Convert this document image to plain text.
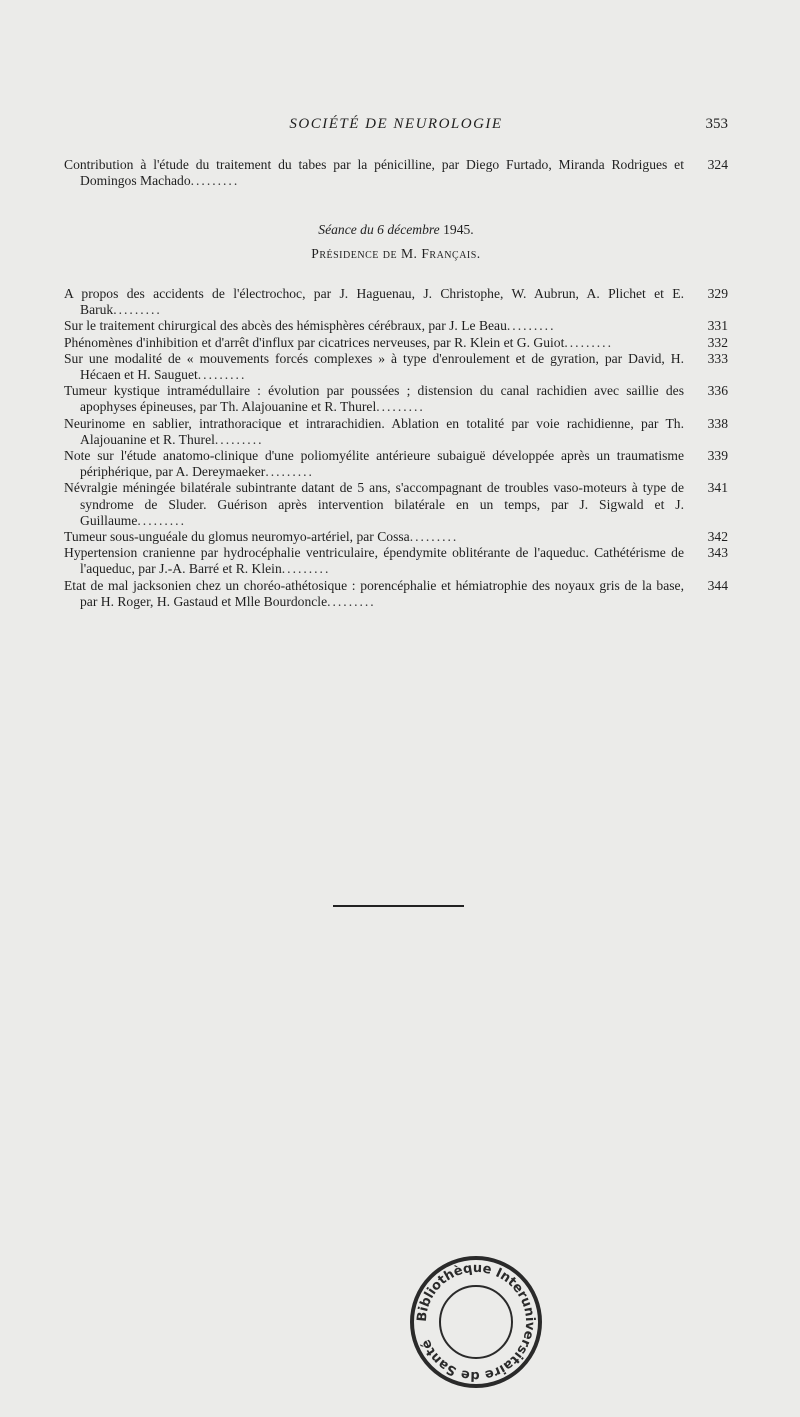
SOCIÉTÉ DE NEUROLOGIE	353
Contribution à l'étude du traitement du tabes par la pénicilline, par Diego Furtado, Miranda Rodrigues et Domingos Machado.........
324
Séance du 6 décembre 1945.
Présidence de M. Français.
A propos des accidents de l'électrochoc, par J. Haguenau, J. Christophe, W. Aubrun, A. Plichet et E. Baruk.........
329
Sur le traitement chirurgical des abcès des hémisphères cérébraux, par J. Le Beau.........	331
Phénomènes d'inhibition et d'arrêt d'influx par cicatrices nerveuses, par R. Klein et G. Guiot.........	332
Sur une modalité de « mouvements forcés complexes » à type d'enroulement et de gyration, par David, H. Hécaen et H. Sauguet.........
333
Tumeur kystique intramédullaire : évolution par poussées ; distension du canal rachidien avec saillie des apophyses épineuses, par Th. Alajouanine et R. Thurel.........
336
Neurinome en sablier, intrathoracique et intrarachidien. Ablation en totalité par voie rachidienne, par Th. Alajouanine et R. Thurel.........
338
Note sur l'étude anatomo-clinique d'une poliomyélite antérieure subaiguë développée après un traumatisme périphérique, par A. Dereymaeker.........
339
Névralgie méningée bilatérale subintrante datant de 5 ans, s'accompagnant de troubles vaso-moteurs à type de syndrome de Sluder. Guérison après intervention bilatérale en un temps, par J. Sigwald et J. Guillaume.........
341
Tumeur sous-unguéale du glomus neuromyo-artériel, par Cossa.........	342
Hypertension cranienne par hydrocéphalie ventriculaire, épendymite oblitérante de l'aqueduc. Cathétérisme de l'aqueduc, par J.-A. Barré et R. Klein.........
343
Etat de mal jacksonien chez un choréo-athétosique : porencéphalie et hémiatrophie des noyaux gris de la base, par H. Roger, H. Gastaud et Mlle Bourdoncle.........
344
Bibliothèque Interuniversitaire de Santé
